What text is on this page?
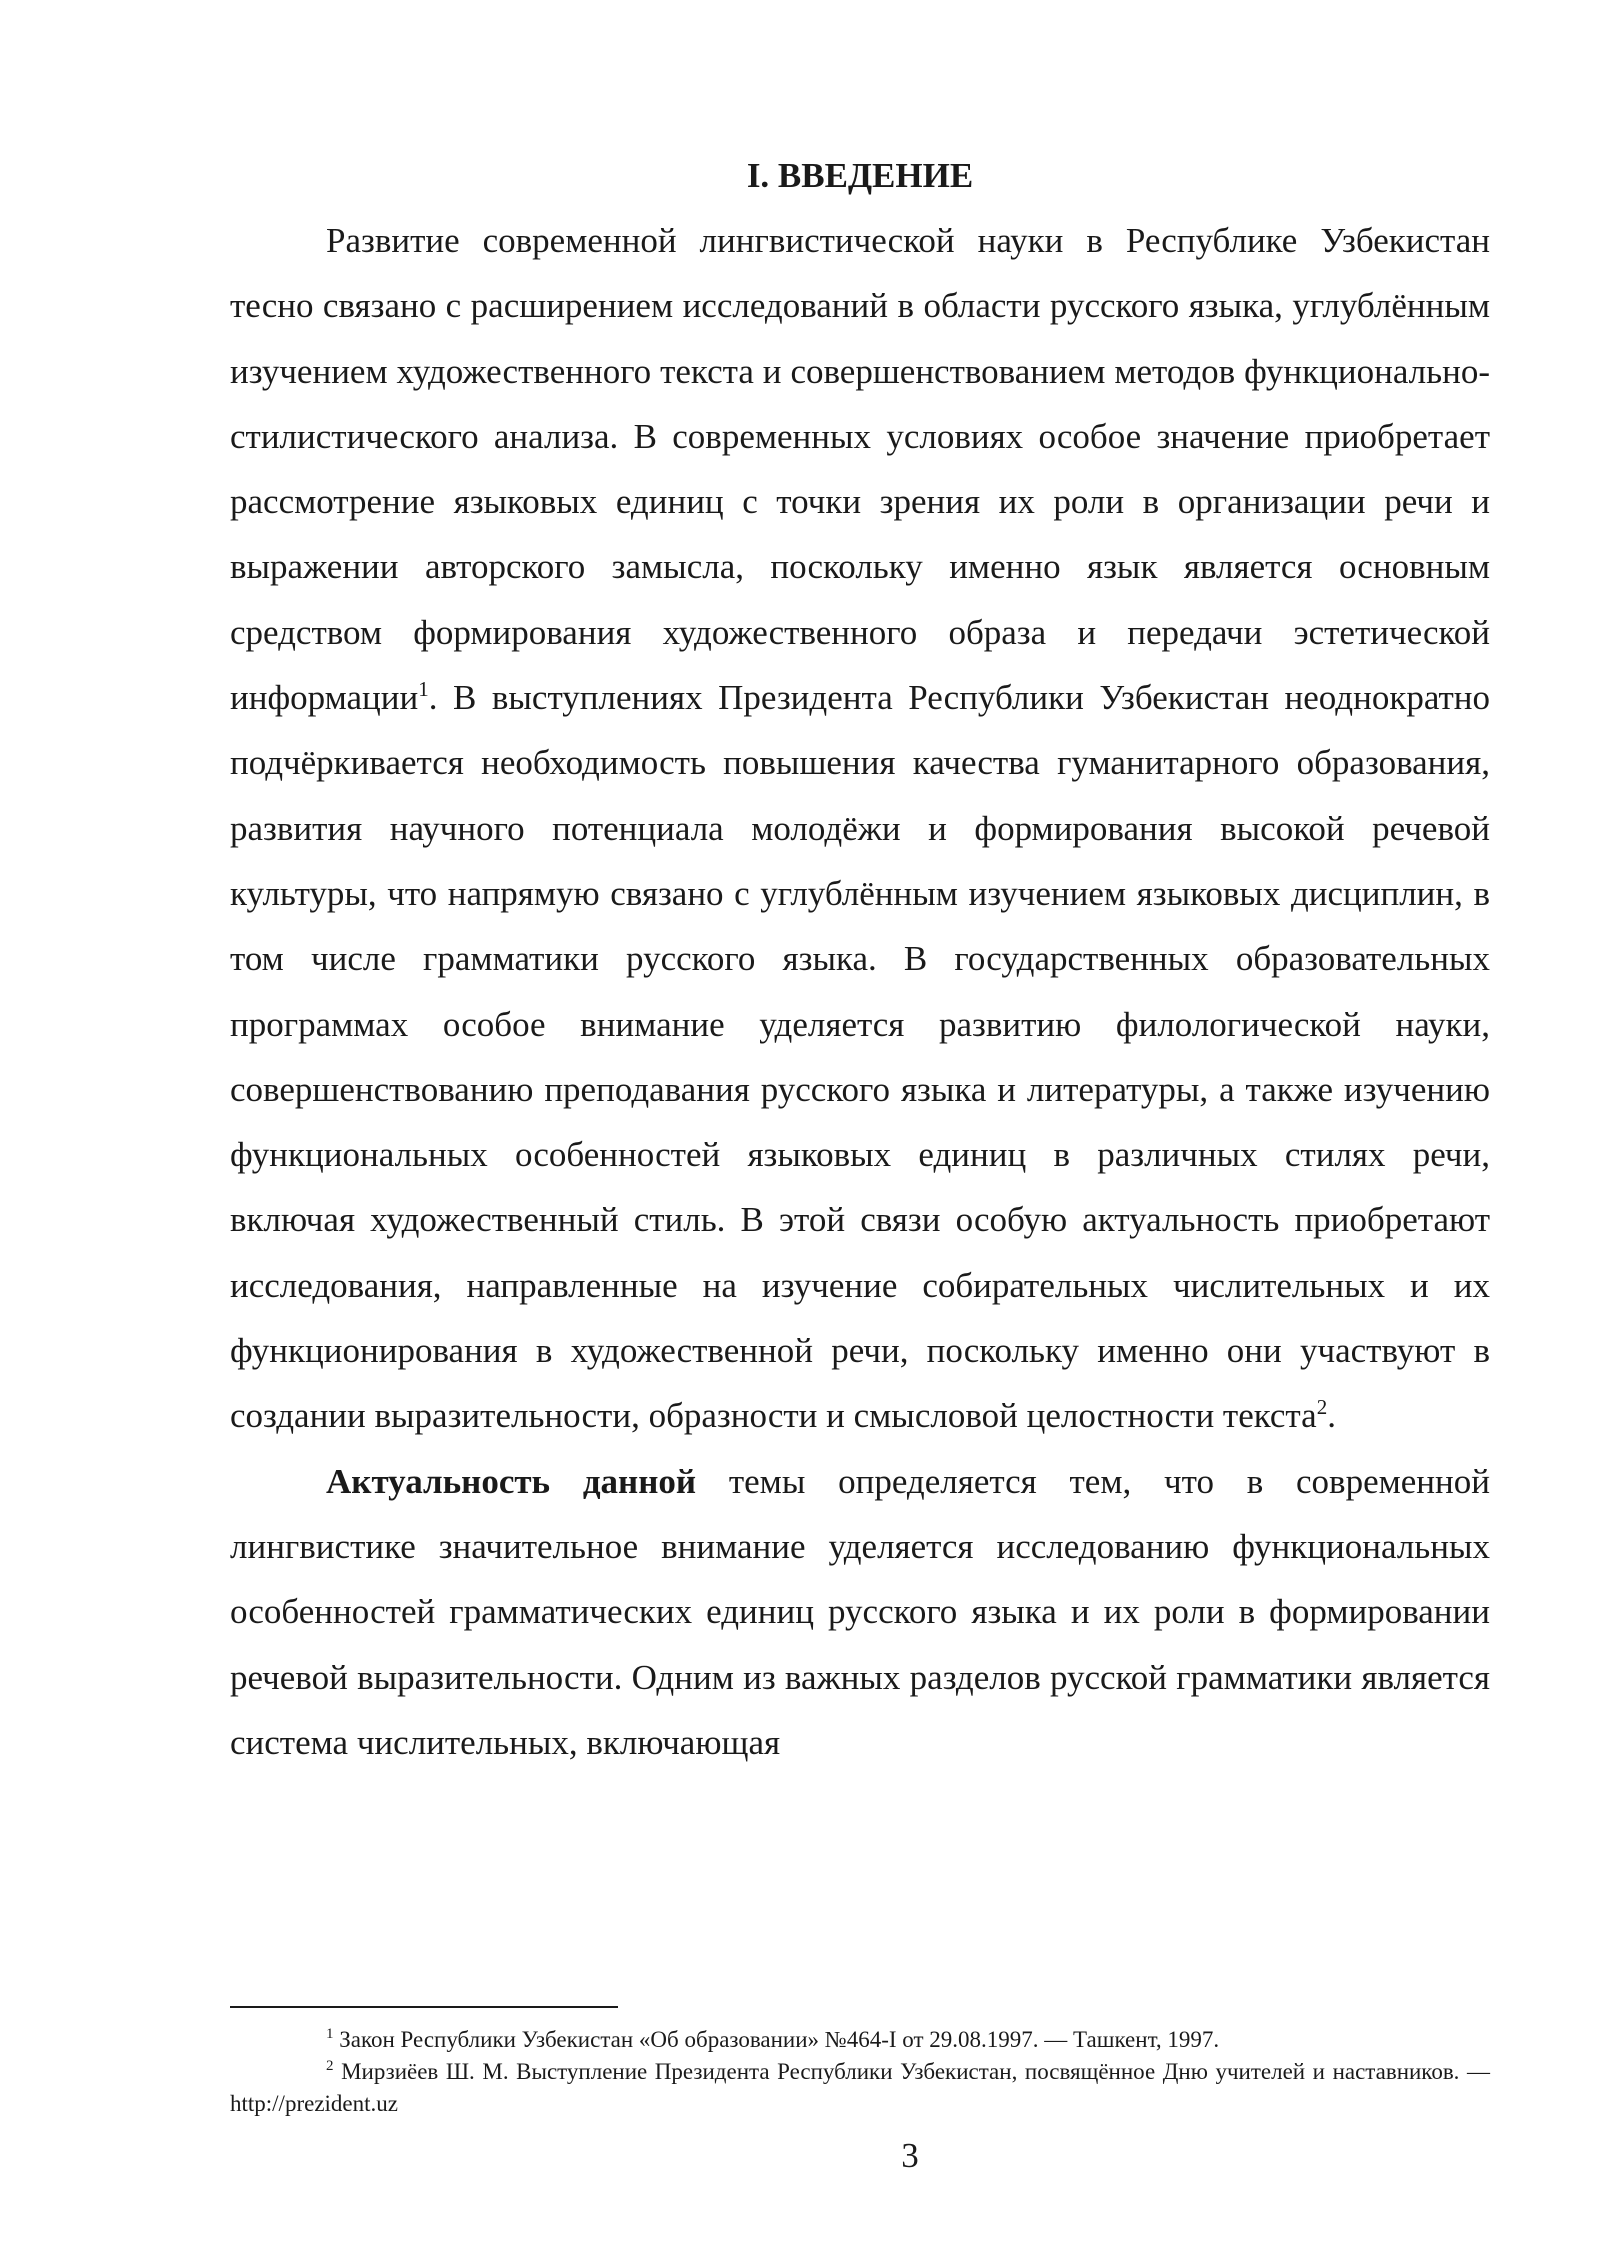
I. ВВЕДЕНИЕ

Развитие современной лингвистической науки в Республике Узбекистан тесно связано с расширением исследований в области русского языка, углублённым изучением художественного текста и совершенствованием методов функционально-стилистического анализа. В современных условиях особое значение приобретает рассмотрение языковых единиц с точки зрения их роли в организации речи и выражении авторского замысла, поскольку именно язык является основным средством формирования художественного образа и передачи эстетической информации$^1$. В выступлениях Президента Республики Узбекистан неоднократно подчёркивается необходимость повышения качества гуманитарного образования, развития научного потенциала молодёжи и формирования высокой речевой культуры, что напрямую связано с углублённым изучением языковых дисциплин, в том числе грамматики русского языка. В государственных образовательных программах особое внимание уделяется развитию филологической науки, совершенствованию преподавания русского языка и литературы, а также изучению функциональных особенностей языковых единиц в различных стилях речи, включая художественный стиль. В этой связи особую актуальность приобретают исследования, направленные на изучение собирательных числительных и их функционирования в художественной речи, поскольку именно они участвуют в создании выразительности, образности и смысловой целостности текста$^2$.

Актуальность данной темы определяется тем, что в современной лингвистике значительное внимание уделяется исследованию функциональных особенностей грамматических единиц русского языка и их роли в формировании речевой выразительности. Одним из важных разделов русской грамматики является система числительных, включающая

$^1$ Закон Республики Узбекистан «Об образовании» №464-I от 29.08.1997. — Ташкент, 1997.

$^2$ Мирзиёев Ш. М. Выступление Президента Республики Узбекистан, посвящённое Дню учителей и наставников. — http://prezident.uz

3
